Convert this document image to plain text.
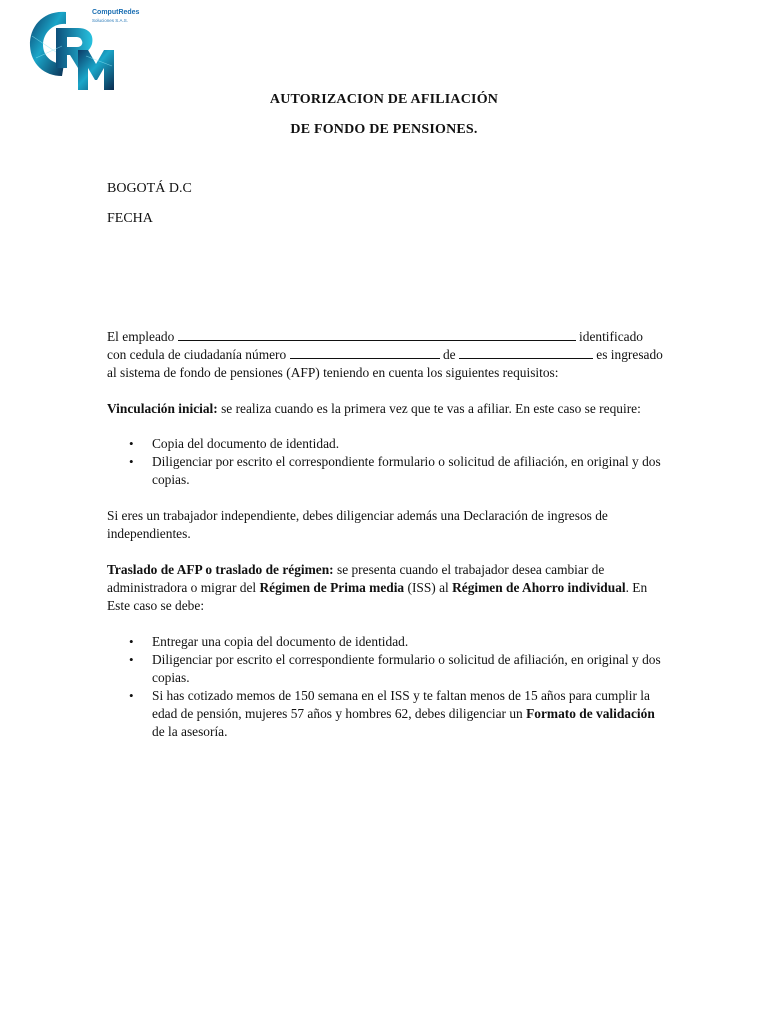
ComputRedes
Soluciones S.A.S.
AUTORIZACION DE AFILIACIÓN
DE FONDO DE PENSIONES.
BOGOTÁ D.C
FECHA

El empleado	identificado con cedula de ciudadanía número	de	es ingresado al sistema de fondo de pensiones (AFP) teniendo en cuenta los siguientes requisitos:

Vinculación inicial: se realiza cuando es la primera vez que te vas a afiliar. En este caso se require:

• Copia del documento de identidad.
• Diligenciar por escrito el correspondiente formulario o solicitud de afiliación, en original y dos copias.

Si eres un trabajador independiente, debes diligenciar además una Declaración de ingresos de independientes.

Traslado de AFP o traslado de régimen: se presenta cuando el trabajador desea cambiar de administradora o migrar del Régimen de Prima media (ISS) al Régimen de Ahorro individual. En Este caso se debe:

• Entregar una copia del documento de identidad.
• Diligenciar por escrito el correspondiente formulario o solicitud de afiliación, en original y dos copias.
• Si has cotizado memos de 150 semana en el ISS y te faltan menos de 15 años para cumplir la edad de pensión, mujeres 57 años y hombres 62, debes diligenciar un Formato de validación de la asesoría.
